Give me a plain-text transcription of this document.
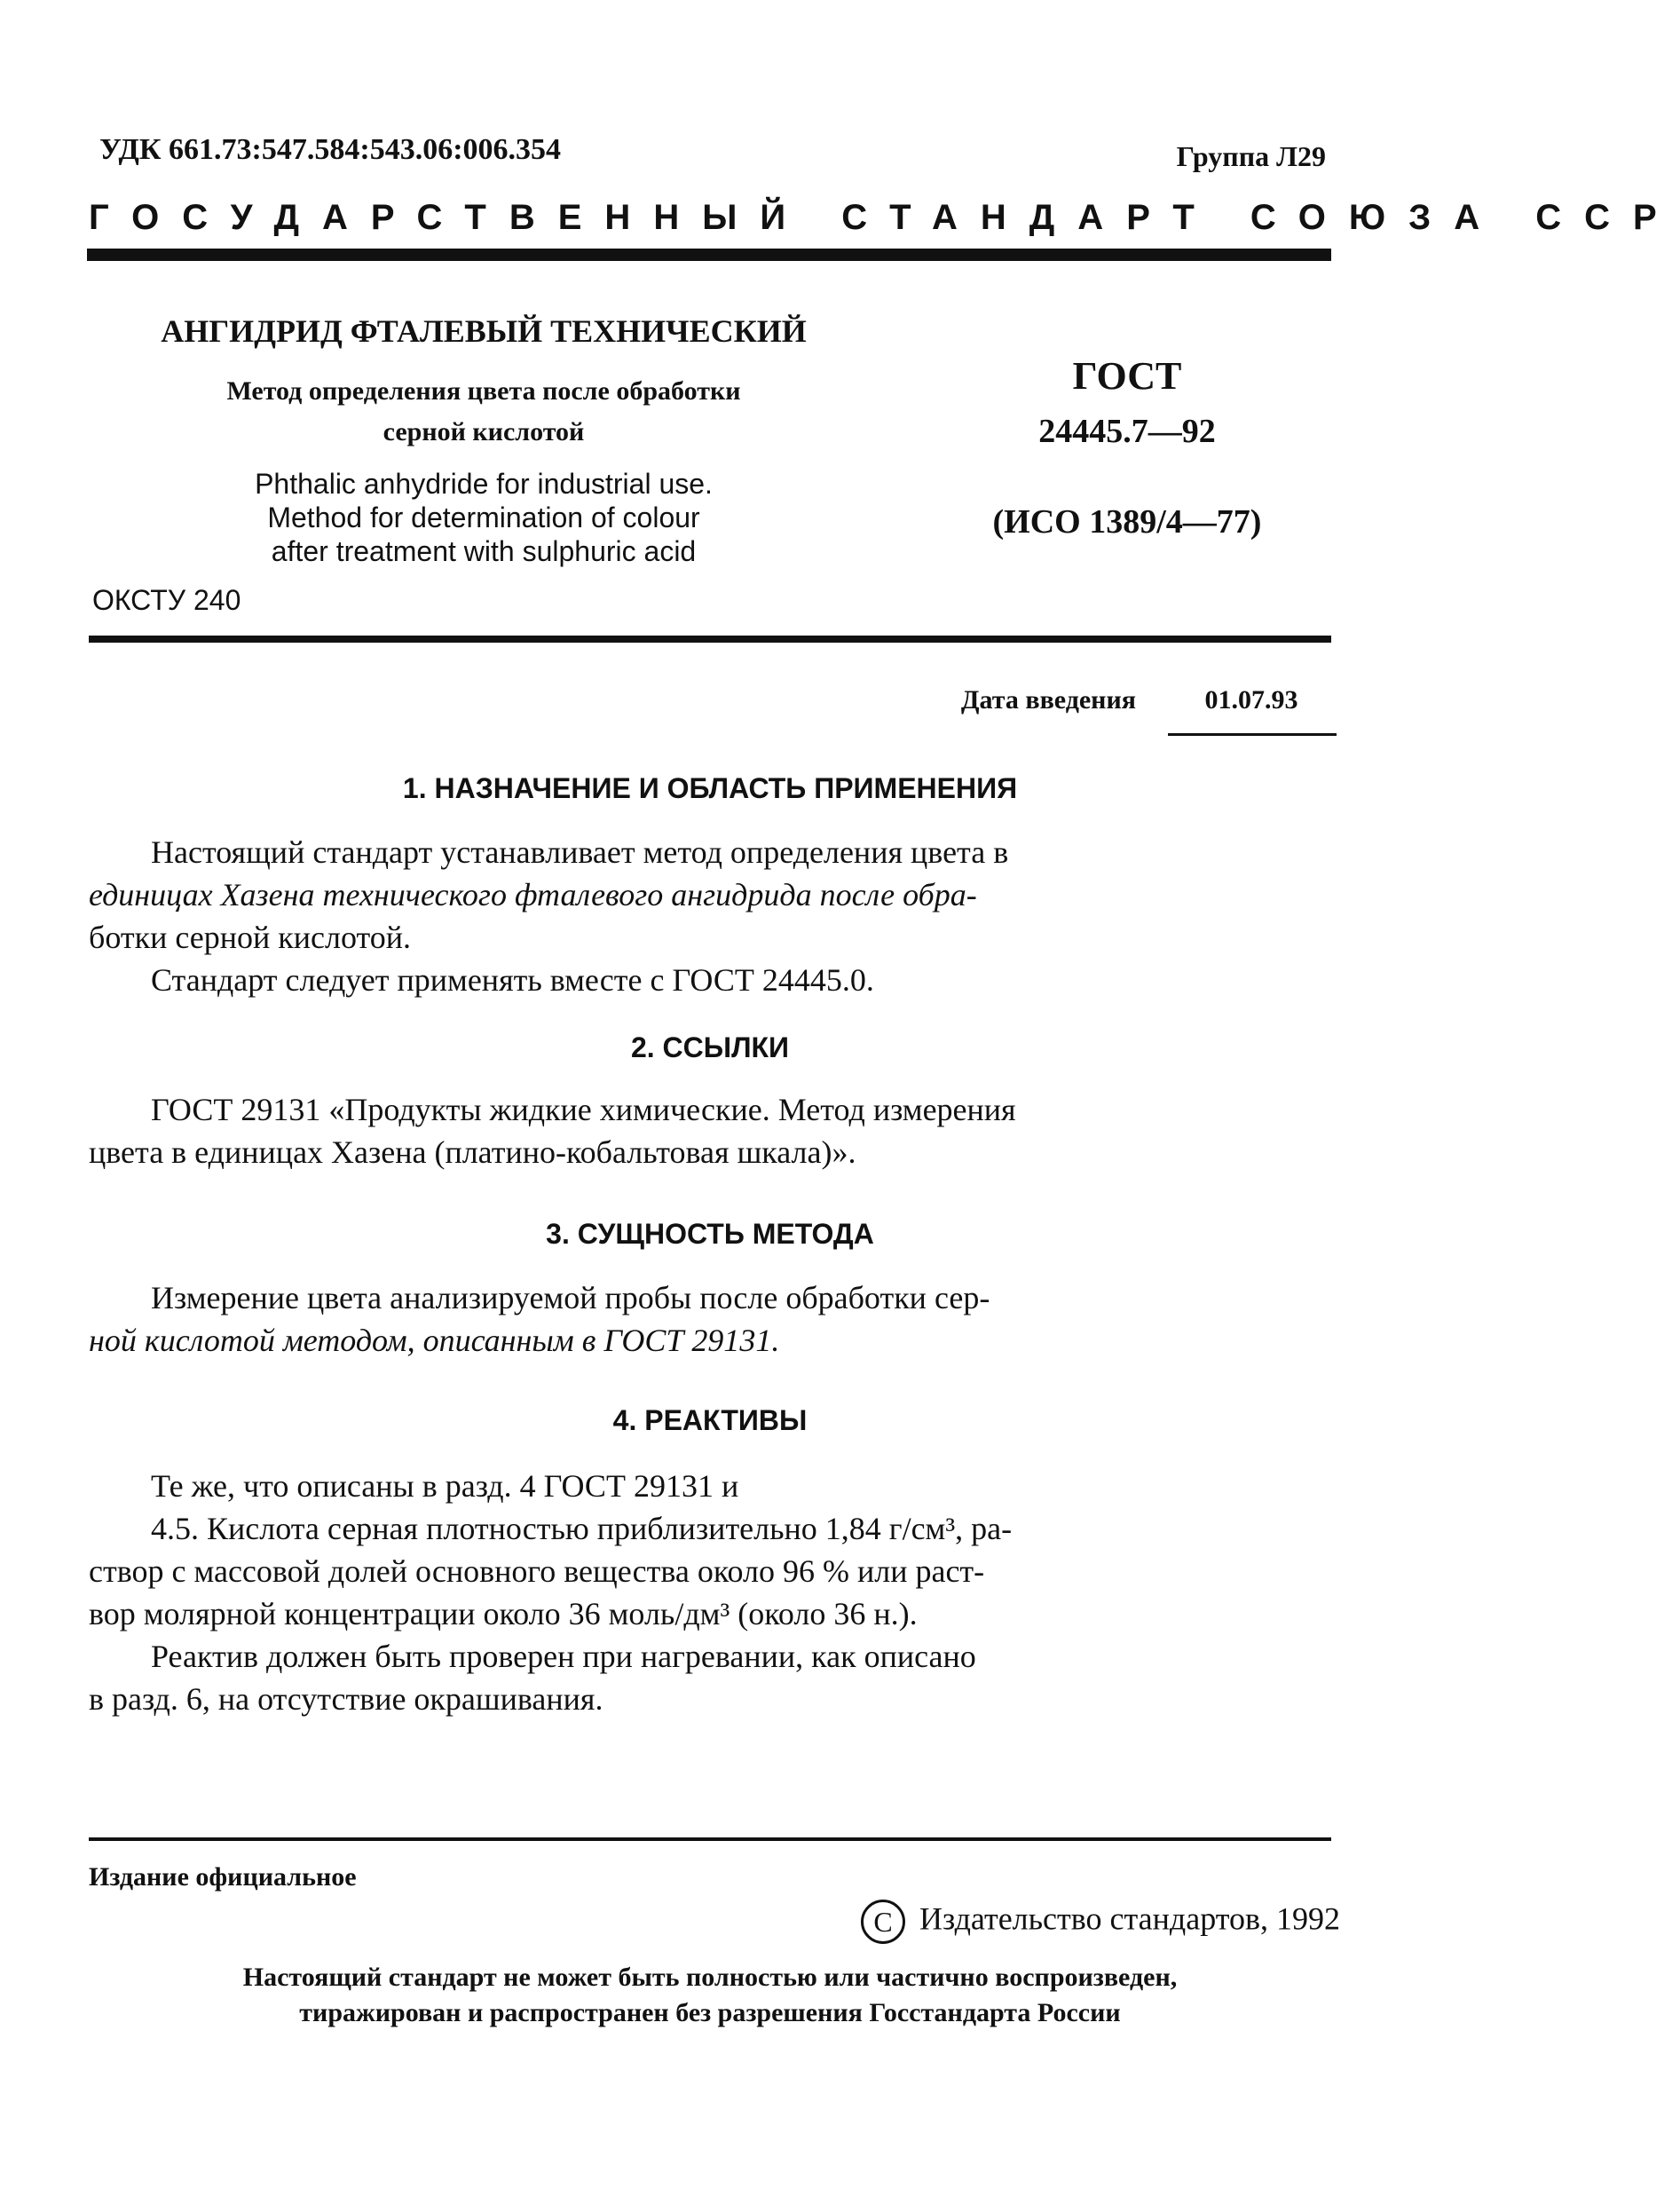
УДК 661.73:547.584:543.06:006.354	Группа Л29
ГОСУДАРСТВЕННЫЙ СТАНДАРТ СОЮЗА ССР
АНГИДРИД ФТАЛЕВЫЙ ТЕХНИЧЕСКИЙ
Метод определения цвета после обработки
серной кислотой
Phthalic anhydride for industrial use.
Method for determination of colour
after treatment with sulphuric acid
ОКСТУ 240
ГОСТ
24445.7—92
(ИСО 1389/4—77)
Дата введения	01.07.93
1. НАЗНАЧЕНИЕ И ОБЛАСТЬ ПРИМЕНЕНИЯ
Настоящий стандарт устанавливает метод определения цвета в
единицах Хазена технического фталевого ангидрида после обра-
ботки серной кислотой.
Стандарт следует применять вместе с ГОСТ 24445.0.
2. ССЫЛКИ
ГОСТ 29131 «Продукты жидкие химические. Метод измерения
цвета в единицах Хазена (платино-кобальтовая шкала)».
3. СУЩНОСТЬ МЕТОДА
Измерение цвета анализируемой пробы после обработки сер-
ной кислотой методом, описанным в ГОСТ 29131.
4. РЕАКТИВЫ
Те же, что описаны в разд. 4 ГОСТ 29131 и
4.5. Кислота серная плотностью приблизительно 1,84 г/см³, ра-
створ с массовой долей основного вещества около 96 % или раст-
вор молярной концентрации около 36 моль/дм³ (около 36 н.).
Реактив должен быть проверен при нагревании, как описано
в разд. 6, на отсутствие окрашивания.
Издание официальное
C Издательство стандартов, 1992
Настоящий стандарт не может быть полностью или частично воспроизведен,
тиражирован и распространен без разрешения Госстандарта России
